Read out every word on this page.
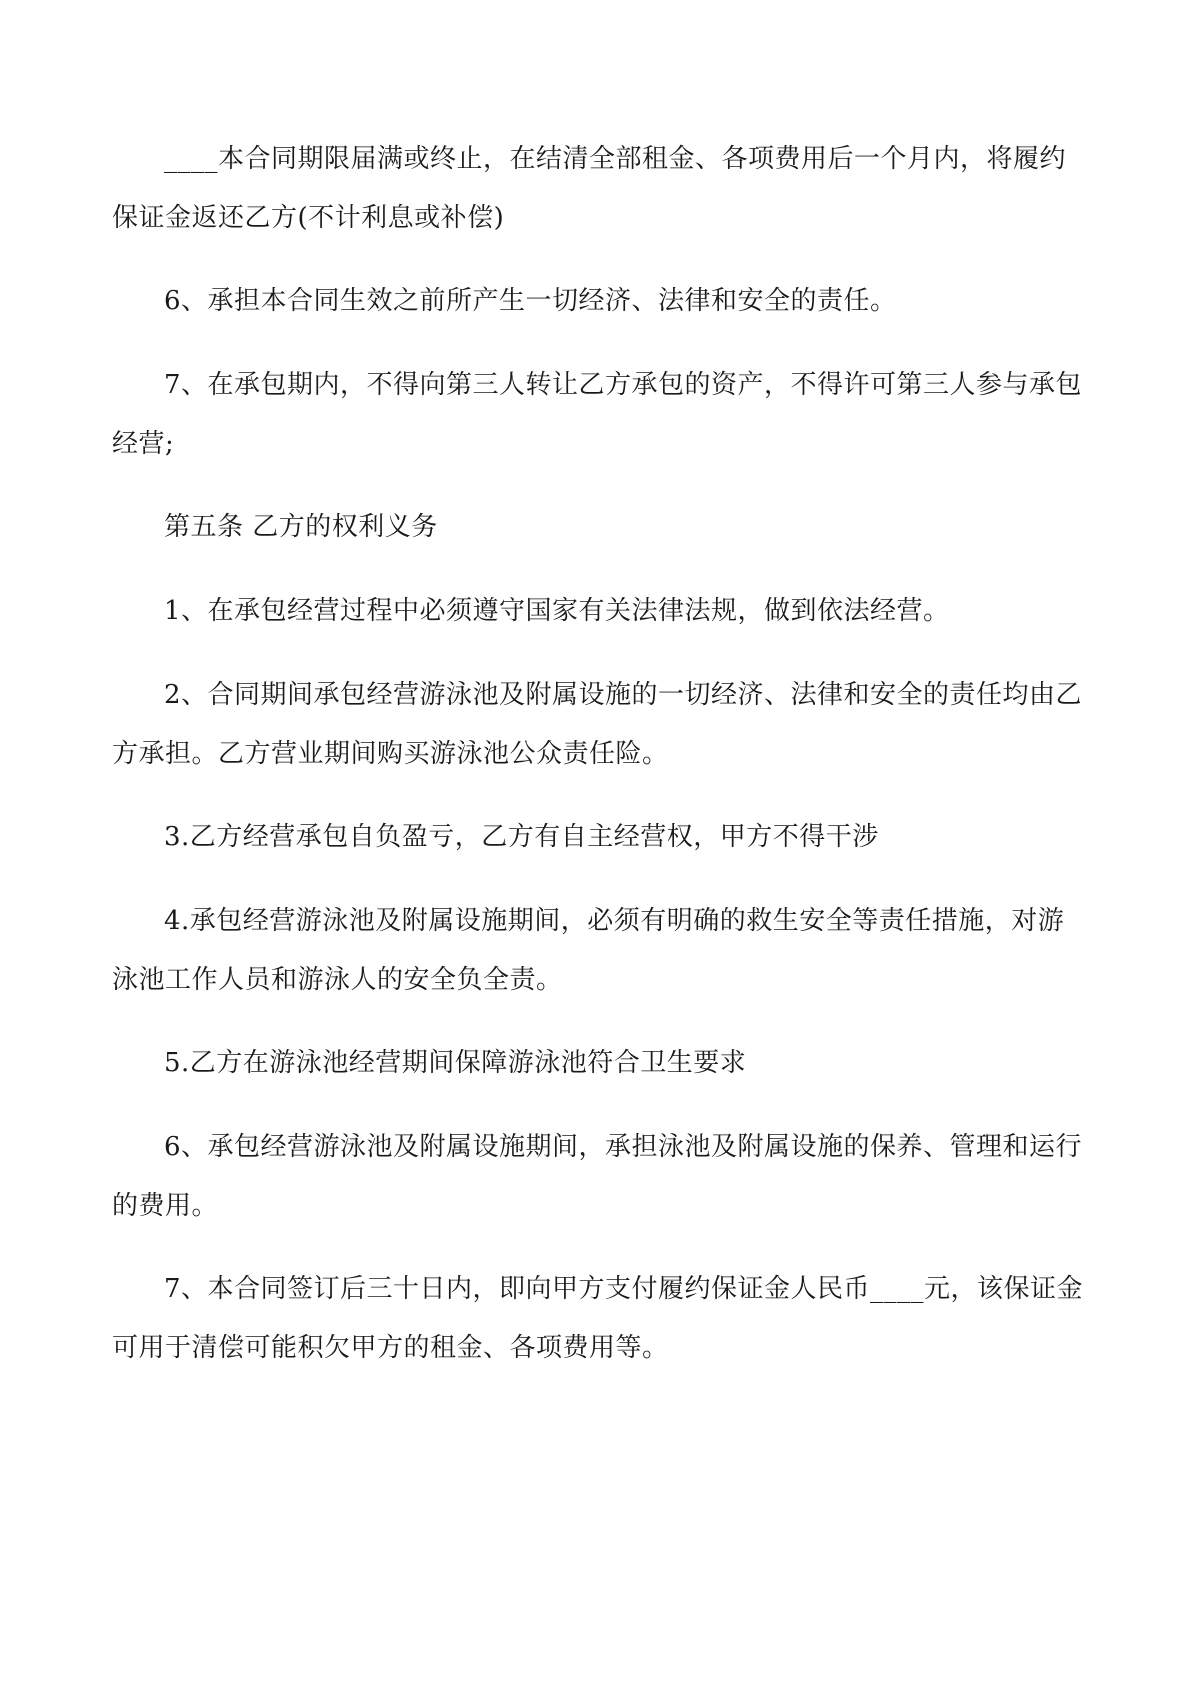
____本合同期限届满或终止，在结清全部租金、各项费用后一个月内，将履约保证金返还乙方(不计利息或补偿)

6、承担本合同生效之前所产生一切经济、法律和安全的责任。

7、在承包期内，不得向第三人转让乙方承包的资产，不得许可第三人参与承包经营;

第五条 乙方的权利义务

1、在承包经营过程中必须遵守国家有关法律法规，做到依法经营。

2、合同期间承包经营游泳池及附属设施的一切经济、法律和安全的责任均由乙方承担。乙方营业期间购买游泳池公众责任险。

3.乙方经营承包自负盈亏，乙方有自主经营权，甲方不得干涉

4.承包经营游泳池及附属设施期间，必须有明确的救生安全等责任措施，对游泳池工作人员和游泳人的安全负全责。

5.乙方在游泳池经营期间保障游泳池符合卫生要求

6、承包经营游泳池及附属设施期间，承担泳池及附属设施的保养、管理和运行的费用。

7、本合同签订后三十日内，即向甲方支付履约保证金人民币____元，该保证金可用于清偿可能积欠甲方的租金、各项费用等。
